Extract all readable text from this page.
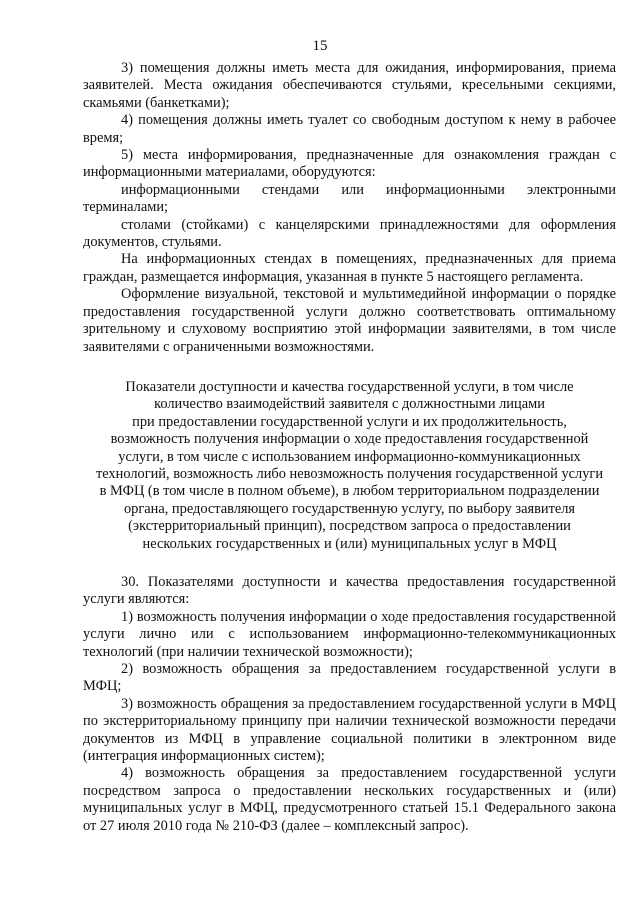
15

3) помещения должны иметь места для ожидания, информирования, приема заявителей. Места ожидания обеспечиваются стульями, кресельными секциями, скамьями (банкетками);

4) помещения должны иметь туалет со свободным доступом к нему в рабочее время;

5) места информирования, предназначенные для ознакомления граждан с информационными материалами, оборудуются:

информационными стендами или информационными электронными терминалами;

столами (стойками) с канцелярскими принадлежностями для оформления документов, стульями.

На информационных стендах в помещениях, предназначенных для приема граждан, размещается информация, указанная в пункте 5 настоящего регламента.

Оформление визуальной, текстовой и мультимедийной информации о порядке предоставления государственной услуги должно соответствовать оптимальному зрительному и слуховому восприятию этой информации заявителями, в том числе заявителями с ограниченными возможностями.

Показатели доступности и качества государственной услуги, в том числе
количество взаимодействий заявителя с должностными лицами
при предоставлении государственной услуги и их продолжительность,
возможность получения информации о ходе предоставления государственной
услуги, в том числе с использованием информационно-коммуникационных
технологий, возможность либо невозможность получения государственной услуги
в МФЦ (в том числе в полном объеме), в любом территориальном подразделении
органа, предоставляющего государственную услугу, по выбору заявителя
(экстерриториальный принцип), посредством запроса о предоставлении
нескольких государственных и (или) муниципальных услуг в МФЦ

30. Показателями доступности и качества предоставления государственной услуги являются:

1) возможность получения информации о ходе предоставления государственной услуги лично или с использованием информационно-телекоммуникационных технологий (при наличии технической возможности);

2) возможность обращения за предоставлением государственной услуги в МФЦ;

3) возможность обращения за предоставлением государственной услуги в МФЦ по экстерриториальному принципу при наличии технической возможности передачи документов из МФЦ в управление социальной политики в электронном виде (интеграция информационных систем);

4) возможность обращения за предоставлением государственной услуги посредством запроса о предоставлении нескольких государственных и (или) муниципальных услуг в МФЦ, предусмотренного статьей 15.1 Федерального закона от 27 июля 2010 года № 210-ФЗ (далее – комплексный запрос).
